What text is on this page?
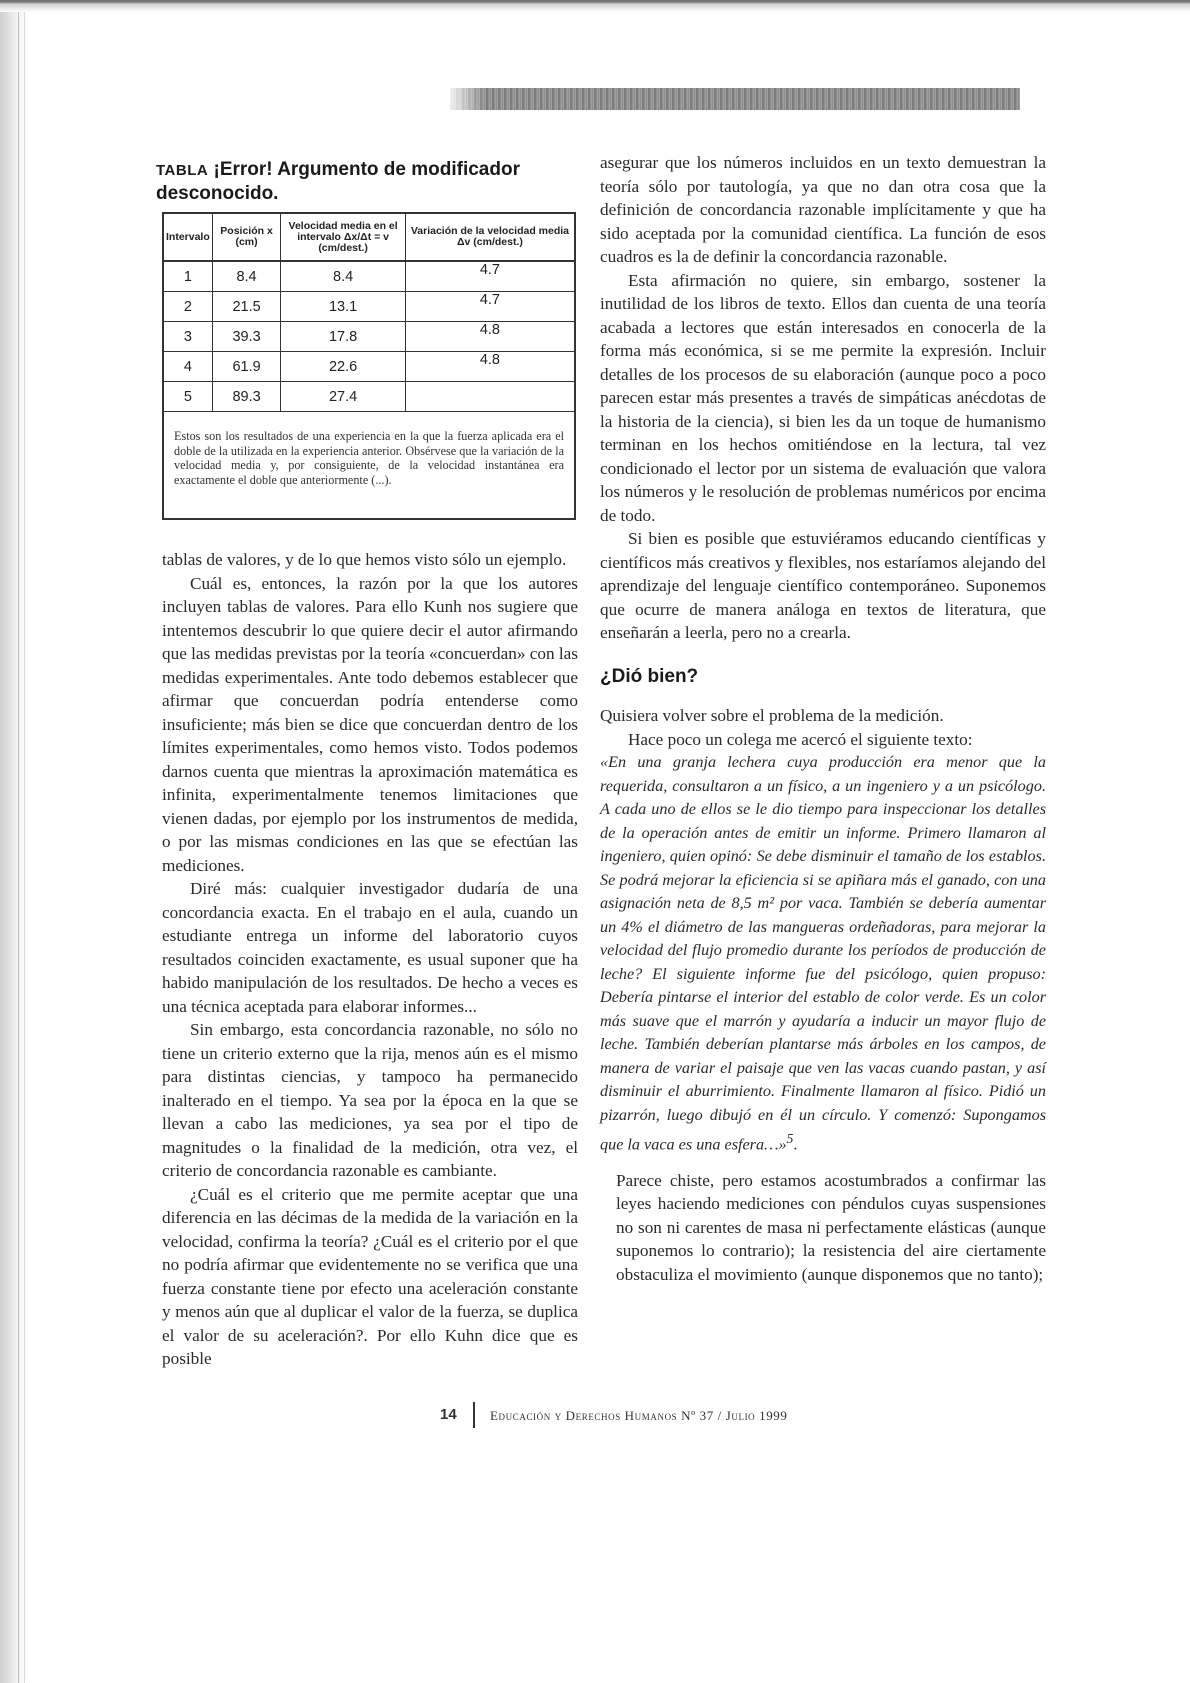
TABLA ¡Error! Argumento de modificador desconocido.
Intervalo	Posición x (cm)	Velocidad media en el intervalo Δx/Δt = v (cm/dest.)	Variación de la velocidad media Δv (cm/dest.)
1	8.4	8.4	4.7
2	21.5	13.1	4.7
3	39.3	17.8	4.8
4	61.9	22.6	4.8
5	89.3	27.4	
Estos son los resultados de una experiencia en la que la fuerza aplicada era el doble de la utilizada en la experiencia anterior. Obsérvese que la variación de la velocidad media y, por consiguiente, de la velocidad instantánea era exactamente el doble que anteriormente (...).

tablas de valores, y de lo que hemos visto sólo un ejemplo.

Cuál es, entonces, la razón por la que los autores incluyen tablas de valores. Para ello Kunh nos sugiere que intentemos descubrir lo que quiere decir el autor afirmando que las medidas previstas por la teoría «concuerdan» con las medidas experimentales. Ante todo debemos establecer que afirmar que concuerdan podría entenderse como insuficiente; más bien se dice que concuerdan dentro de los límites experimentales, como hemos visto. Todos podemos darnos cuenta que mientras la aproximación matemática es infinita, experimentalmente tenemos limitaciones que vienen dadas, por ejemplo por los instrumentos de medida, o por las mismas condiciones en las que se efectúan las mediciones.

Diré más: cualquier investigador dudaría de una concordancia exacta. En el trabajo en el aula, cuando un estudiante entrega un informe del laboratorio cuyos resultados coinciden exactamente, es usual suponer que ha habido manipulación de los resultados. De hecho a veces es una técnica aceptada para elaborar informes...

Sin embargo, esta concordancia razonable, no sólo no tiene un criterio externo que la rija, menos aún es el mismo para distintas ciencias, y tampoco ha permanecido inalterado en el tiempo. Ya sea por la época en la que se llevan a cabo las mediciones, ya sea por el tipo de magnitudes o la finalidad de la medición, otra vez, el criterio de concordancia razonable es cambiante.

¿Cuál es el criterio que me permite aceptar que una diferencia en las décimas de la medida de la variación en la velocidad, confirma la teoría? ¿Cuál es el criterio por el que no podría afirmar que evidentemente no se verifica que una fuerza constante tiene por efecto una aceleración constante y menos aún que al duplicar el valor de la fuerza, se duplica el valor de su aceleración?. Por ello Kuhn dice que es posible

asegurar que los números incluidos en un texto demuestran la teoría sólo por tautología, ya que no dan otra cosa que la definición de concordancia razonable implícitamente y que ha sido aceptada por la comunidad científica. La función de esos cuadros es la de definir la concordancia razonable.

Esta afirmación no quiere, sin embargo, sostener la inutilidad de los libros de texto. Ellos dan cuenta de una teoría acabada a lectores que están interesados en conocerla de la forma más económica, si se me permite la expresión. Incluir detalles de los procesos de su elaboración (aunque poco a poco parecen estar más presentes a través de simpáticas anécdotas de la historia de la ciencia), si bien les da un toque de humanismo terminan en los hechos omitiéndose en la lectura, tal vez condicionado el lector por un sistema de evaluación que valora los números y le resolución de problemas numéricos por encima de todo.

Si bien es posible que estuviéramos educando científicas y científicos más creativos y flexibles, nos estaríamos alejando del aprendizaje del lenguaje científico contemporáneo. Suponemos que ocurre de manera análoga en textos de literatura, que enseñarán a leerla, pero no a crearla.

¿Dió bien?

Quisiera volver sobre el problema de la medición.

Hace poco un colega me acercó el siguiente texto:

«En una granja lechera cuya producción era menor que la requerida, consultaron a un físico, a un ingeniero y a un psicólogo. A cada uno de ellos se le dio tiempo para inspeccionar los detalles de la operación antes de emitir un informe. Primero llamaron al ingeniero, quien opinó: Se debe disminuir el tamaño de los establos. Se podrá mejorar la eficiencia si se apiñara más el ganado, con una asignación neta de 8,5 m² por vaca. También se debería aumentar un 4% el diámetro de las mangueras ordeñadoras, para mejorar la velocidad del flujo promedio durante los períodos de producción de leche? El siguiente informe fue del psicólogo, quien propuso: Debería pintarse el interior del establo de color verde. Es un color más suave que el marrón y ayudaría a inducir un mayor flujo de leche. También deberían plantarse más árboles en los campos, de manera de variar el paisaje que ven las vacas cuando pastan, y así disminuir el aburrimiento. Finalmente llamaron al físico. Pidió un pizarrón, luego dibujó en él un círculo. Y comenzó: Supongamos que la vaca es una esfera…»$^5$.

Parece chiste, pero estamos acostumbrados a confirmar las leyes haciendo mediciones con péndulos cuyas suspensiones no son ni carentes de masa ni perfectamente elásticas (aunque suponemos lo contrario); la resistencia del aire ciertamente obstaculiza el movimiento (aunque disponemos que no tanto);

14	Educación y Derechos Humanos Nº 37 / Julio 1999
